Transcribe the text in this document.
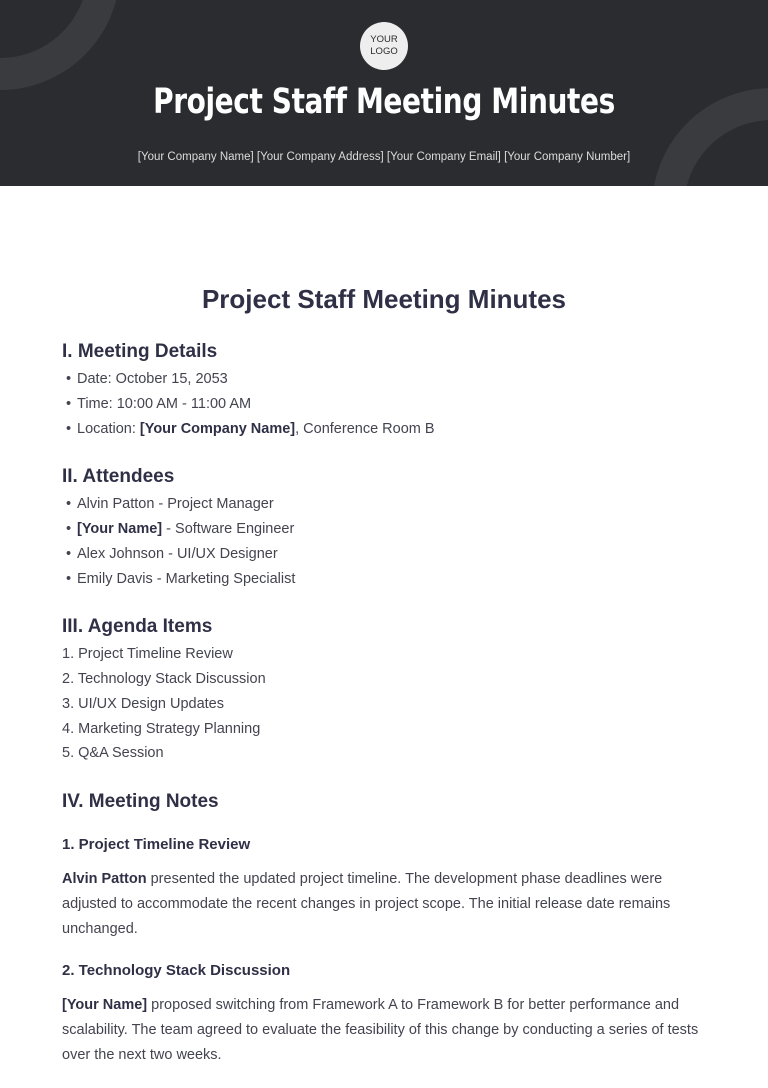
YOUR
LOGO
Project Staff Meeting Minutes
[Your Company Name] [Your Company Address] [Your Company Email] [Your Company Number]
Project Staff Meeting Minutes
I. Meeting Details
• Date: October 15, 2053
• Time: 10:00 AM - 11:00 AM
• Location: [Your Company Name], Conference Room B
II. Attendees
• Alvin Patton - Project Manager
• [Your Name] - Software Engineer
• Alex Johnson - UI/UX Designer
• Emily Davis - Marketing Specialist
III. Agenda Items
1. Project Timeline Review
2. Technology Stack Discussion
3. UI/UX Design Updates
4. Marketing Strategy Planning
5. Q&A Session
IV. Meeting Notes
1. Project Timeline Review
Alvin Patton presented the updated project timeline. The development phase deadlines were adjusted to accommodate the recent changes in project scope. The initial release date remains unchanged.
2. Technology Stack Discussion
[Your Name] proposed switching from Framework A to Framework B for better performance and scalability. The team agreed to evaluate the feasibility of this change by conducting a series of tests over the next two weeks.
